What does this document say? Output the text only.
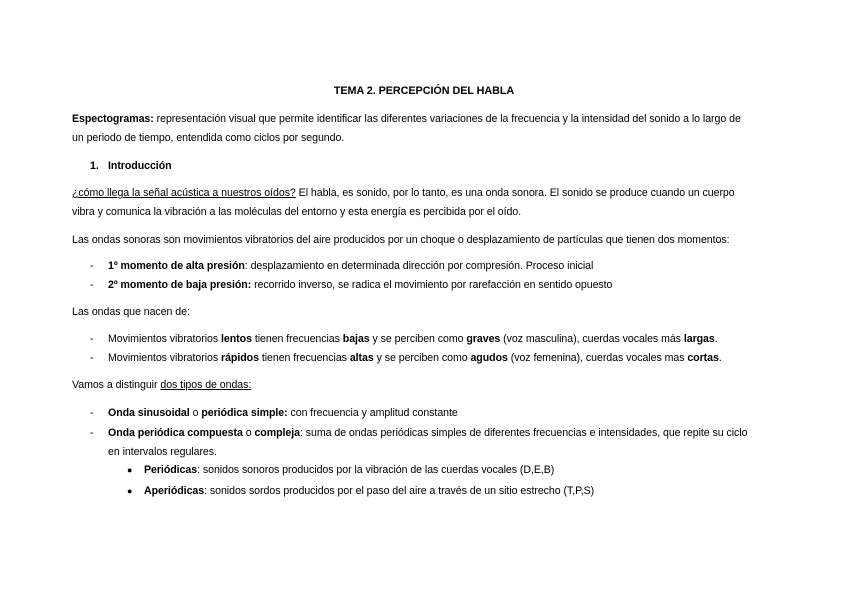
TEMA 2. PERCEPCIÓN DEL HABLA
Espectogramas: representación visual que permite identificar las diferentes variaciones de la frecuencia y la intensidad del sonido a lo largo de
un periodo de tiempo, entendida como ciclos por segundo.
1. Introducción
¿cómo llega la señal acústica a nuestros oídos? El habla, es sonido, por lo tanto, es una onda sonora. El sonido se produce cuando un cuerpo
vibra y comunica la vibración a las moléculas del entorno y esta energía es percibida por el oído.
Las ondas sonoras son movimientos vibratorios del aire producidos por un choque o desplazamiento de partículas que tienen dos momentos:
- 1º momento de alta presión: desplazamiento en determinada dirección por compresión. Proceso inicial
- 2º momento de baja presión: recorrido inverso, se radica el movimiento por rarefacción en sentido opuesto
Las ondas que nacen de:
- Movimientos vibratorios lentos tienen frecuencias bajas y se perciben como graves (voz masculina), cuerdas vocales más largas.
- Movimientos vibratorios rápidos tienen frecuencias altas y se perciben como agudos (voz femenina), cuerdas vocales mas cortas.
Vamos a distinguir dos tipos de ondas:
- Onda sinusoidal o periódica simple: con frecuencia y amplitud constante
- Onda periódica compuesta o compleja: suma de ondas periódicas simples de diferentes frecuencias e intensidades, que repite su ciclo
en intervalos regulares.
● Periódicas: sonidos sonoros producidos por la vibración de las cuerdas vocales (D,E,B)
● Aperiódicas: sonidos sordos producidos por el paso del aire a través de un sitio estrecho (T,P,S)
